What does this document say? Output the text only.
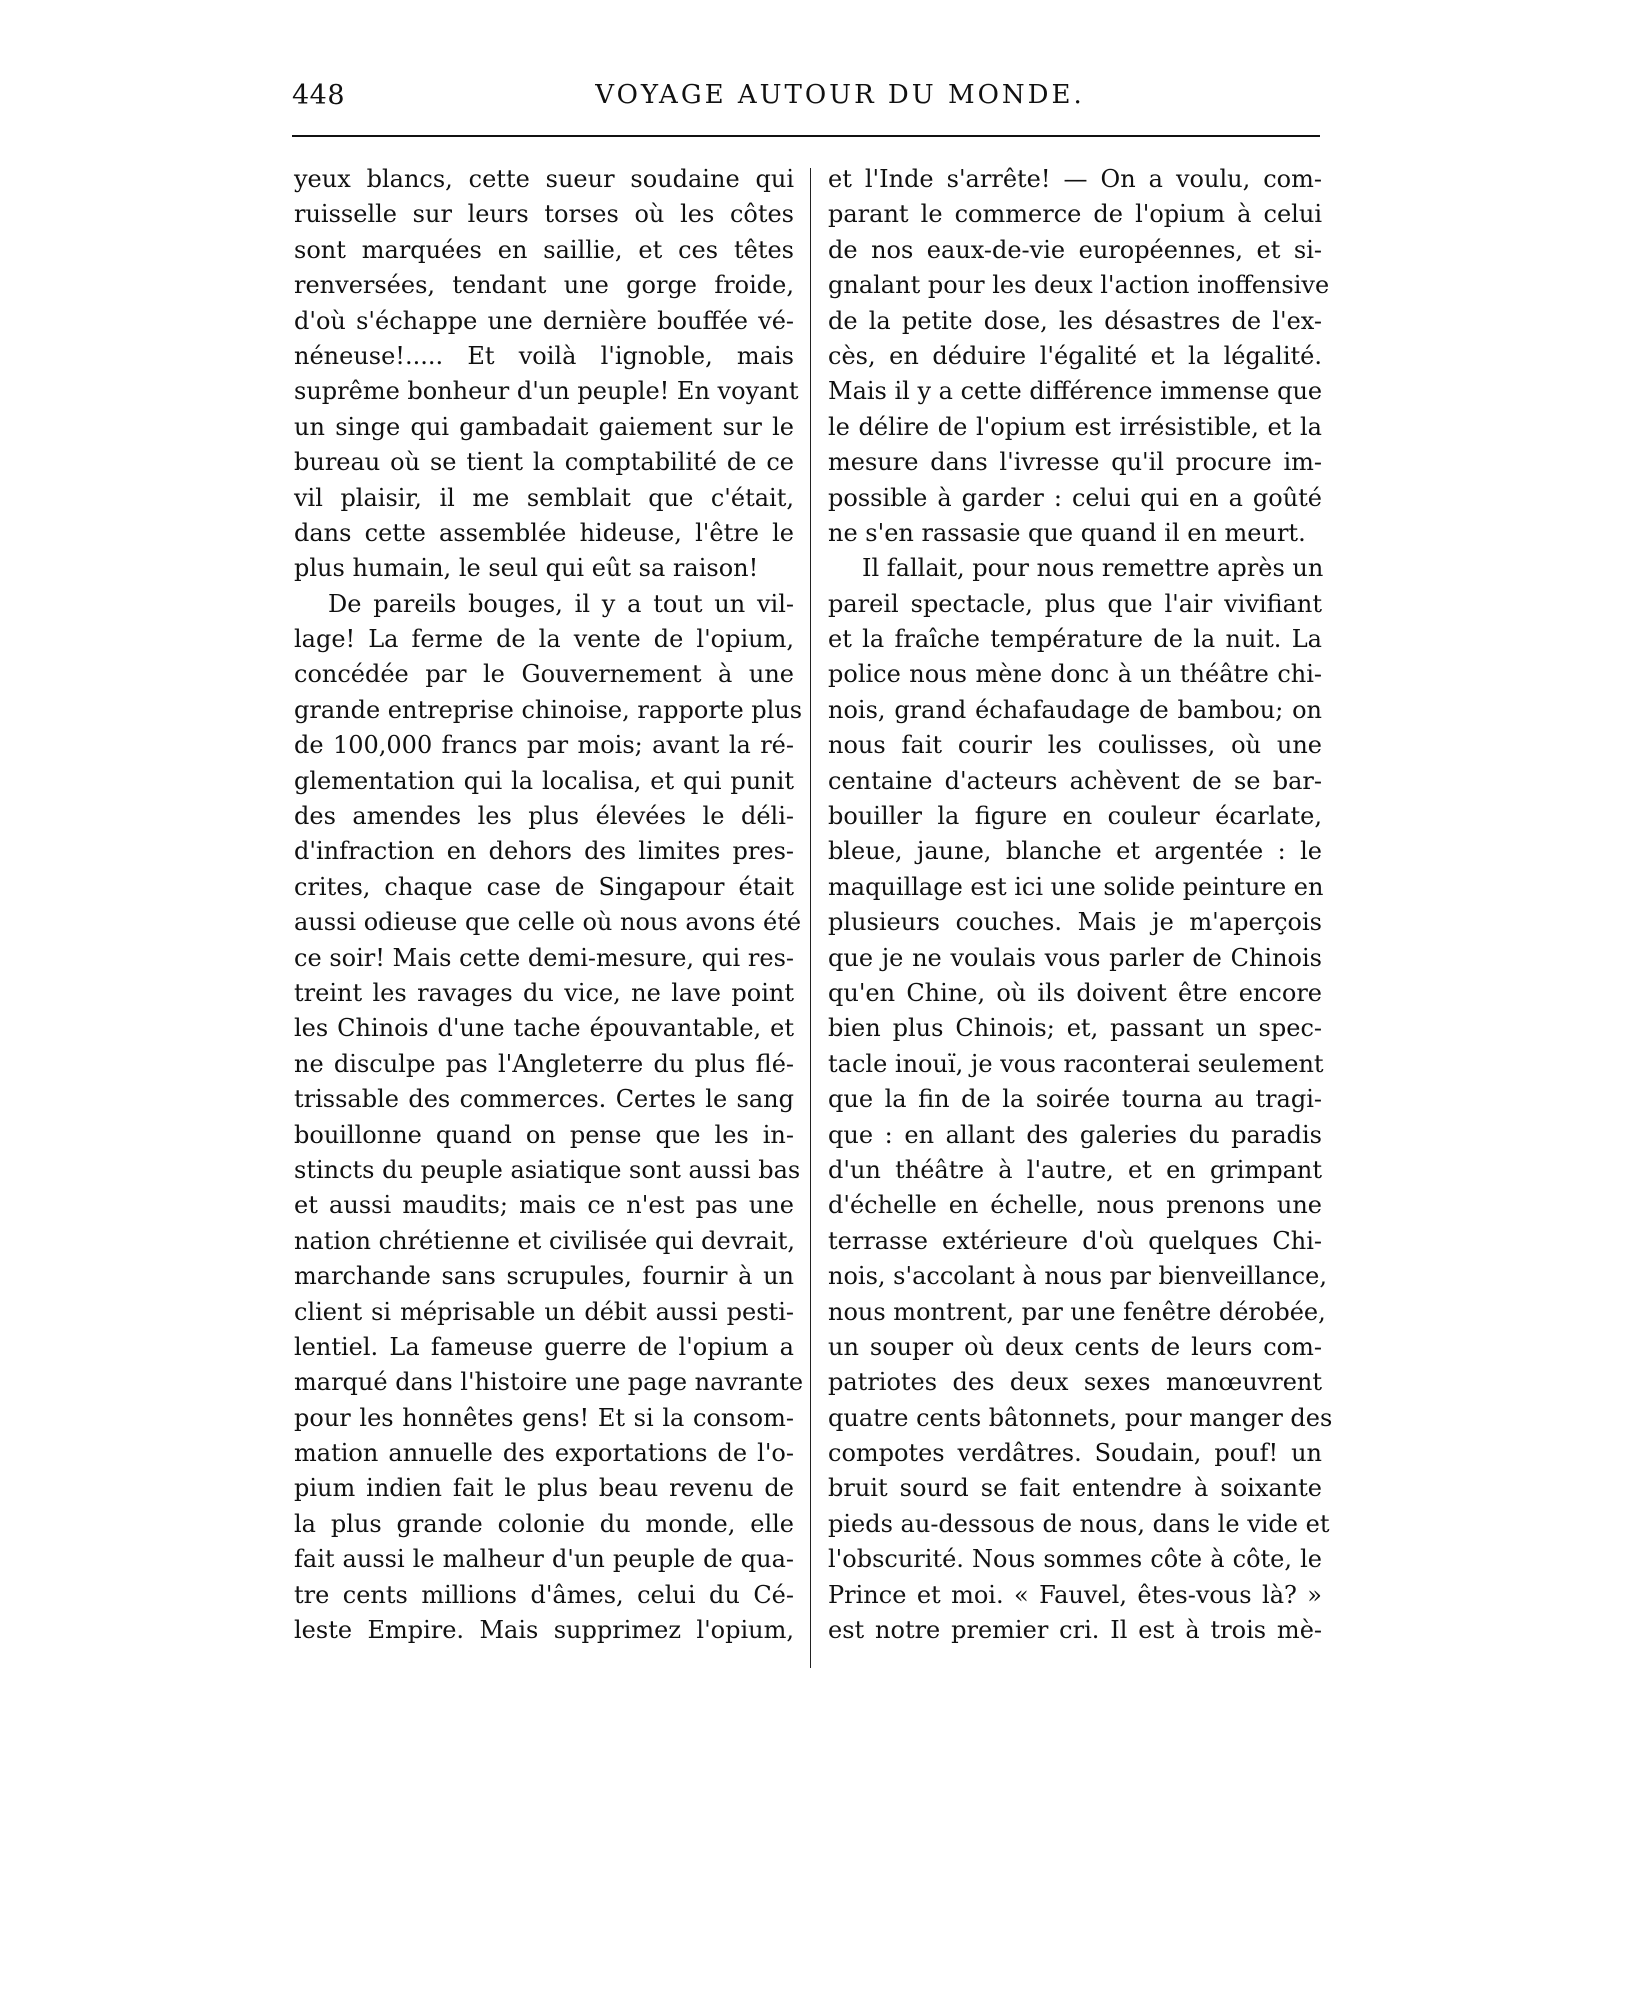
448	VOYAGE AUTOUR DU MONDE.
yeux blancs, cette sueur soudaine qui
ruisselle sur leurs torses où les côtes
sont marquées en saillie, et ces têtes
renversées, tendant une gorge froide,
d'où s'échappe une dernière bouffée vé-
néneuse!..... Et voilà l'ignoble, mais
suprême bonheur d'un peuple! En voyant
un singe qui gambadait gaiement sur le
bureau où se tient la comptabilité de ce
vil plaisir, il me semblait que c'était,
dans cette assemblée hideuse, l'être le
plus humain, le seul qui eût sa raison!
De pareils bouges, il y a tout un vil-
lage! La ferme de la vente de l'opium,
concédée par le Gouvernement à une
grande entreprise chinoise, rapporte plus
de 100,000 francs par mois; avant la ré-
glementation qui la localisa, et qui punit
des amendes les plus élevées le déli-
d'infraction en dehors des limites pres-
crites, chaque case de Singapour était
aussi odieuse que celle où nous avons été
ce soir! Mais cette demi-mesure, qui res-
treint les ravages du vice, ne lave point
les Chinois d'une tache épouvantable, et
ne disculpe pas l'Angleterre du plus flé-
trissable des commerces. Certes le sang
bouillonne quand on pense que les in-
stincts du peuple asiatique sont aussi bas
et aussi maudits; mais ce n'est pas une
nation chrétienne et civilisée qui devrait,
marchande sans scrupules, fournir à un
client si méprisable un débit aussi pesti-
lentiel. La fameuse guerre de l'opium a
marqué dans l'histoire une page navrante
pour les honnêtes gens! Et si la consom-
mation annuelle des exportations de l'o-
pium indien fait le plus beau revenu de
la plus grande colonie du monde, elle
fait aussi le malheur d'un peuple de qua-
tre cents millions d'âmes, celui du Cé-
leste Empire. Mais supprimez l'opium,
et l'Inde s'arrête! — On a voulu, com-
parant le commerce de l'opium à celui
de nos eaux-de-vie européennes, et si-
gnalant pour les deux l'action inoffensive
de la petite dose, les désastres de l'ex-
cès, en déduire l'égalité et la légalité.
Mais il y a cette différence immense que
le délire de l'opium est irrésistible, et la
mesure dans l'ivresse qu'il procure im-
possible à garder : celui qui en a goûté
ne s'en rassasie que quand il en meurt.
Il fallait, pour nous remettre après un
pareil spectacle, plus que l'air vivifiant
et la fraîche température de la nuit. La
police nous mène donc à un théâtre chi-
nois, grand échafaudage de bambou; on
nous fait courir les coulisses, où une
centaine d'acteurs achèvent de se bar-
bouiller la figure en couleur écarlate,
bleue, jaune, blanche et argentée : le
maquillage est ici une solide peinture en
plusieurs couches. Mais je m'aperçois
que je ne voulais vous parler de Chinois
qu'en Chine, où ils doivent être encore
bien plus Chinois; et, passant un spec-
tacle inouï, je vous raconterai seulement
que la fin de la soirée tourna au tragi-
que : en allant des galeries du paradis
d'un théâtre à l'autre, et en grimpant
d'échelle en échelle, nous prenons une
terrasse extérieure d'où quelques Chi-
nois, s'accolant à nous par bienveillance,
nous montrent, par une fenêtre dérobée,
un souper où deux cents de leurs com-
patriotes des deux sexes manœuvrent
quatre cents bâtonnets, pour manger des
compotes verdâtres. Soudain, pouf! un
bruit sourd se fait entendre à soixante
pieds au-dessous de nous, dans le vide et
l'obscurité. Nous sommes côte à côte, le
Prince et moi. « Fauvel, êtes-vous là? »
est notre premier cri. Il est à trois mè-
